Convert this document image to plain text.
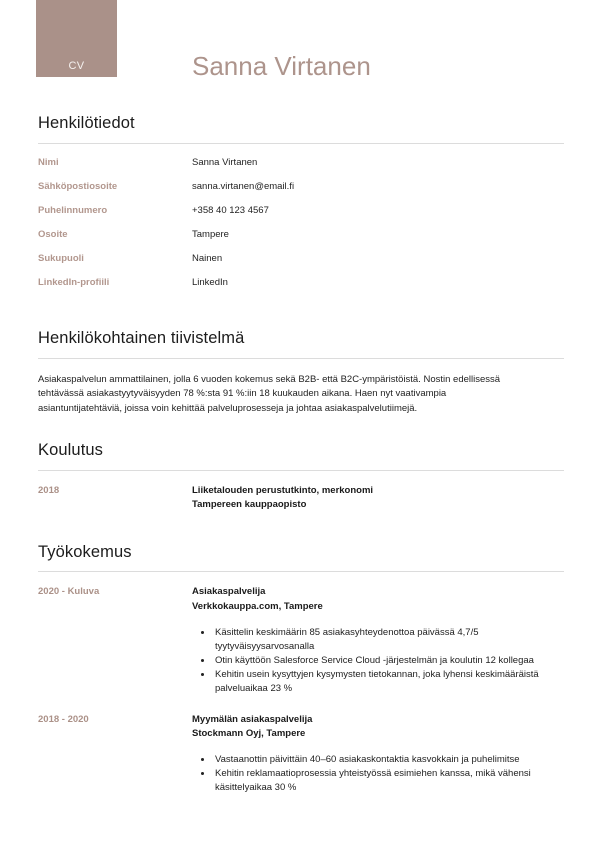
CV	Sanna Virtanen
Henkilötiedot
Nimi	Sanna Virtanen
Sähköpostiosoite	sanna.virtanen@email.fi
Puhelinnumero	+358 40 123 4567
Osoite	Tampere
Sukupuoli	Nainen
LinkedIn-profiili	LinkedIn
Henkilökohtainen tiivistelmä

Asiakaspalvelun ammattilainen, jolla 6 vuoden kokemus sekä B2B- että B2C-ympäristöistä. Nostin edellisessä tehtävässä asiakastyytyväisyyden 78 %:sta 91 %:iin 18 kuukauden aikana. Haen nyt vaativampia asiantuntijatehtäviä, joissa voin kehittää palveluprosesseja ja johtaa asiakaspalvelutiimejä.

Koulutus
2018	Liiketalouden perustutkinto, merkonomi
Tampereen kauppaopisto
Työkokemus
2020 - Kuluva	Asiakaspalvelija
Verkkokauppa.com, Tampere
• Käsittelin keskimäärin 85 asiakasyhteydenottoa päivässä 4,7/5 tyytyväisyysarvosanalla
• Otin käyttöön Salesforce Service Cloud -järjestelmän ja koulutin 12 kollegaa
• Kehitin usein kysyttyjen kysymysten tietokannan, joka lyhensi keskimääräistä palveluaikaa 23 %
2018 - 2020	Myymälän asiakaspalvelija
Stockmann Oyj, Tampere
• Vastaanottin päivittäin 40–60 asiakaskontaktia kasvokkain ja puhelimitse
• Kehitin reklamaatioprosessia yhteistyössä esimiehen kanssa, mikä vähensi käsittelyaikaa 30 %
